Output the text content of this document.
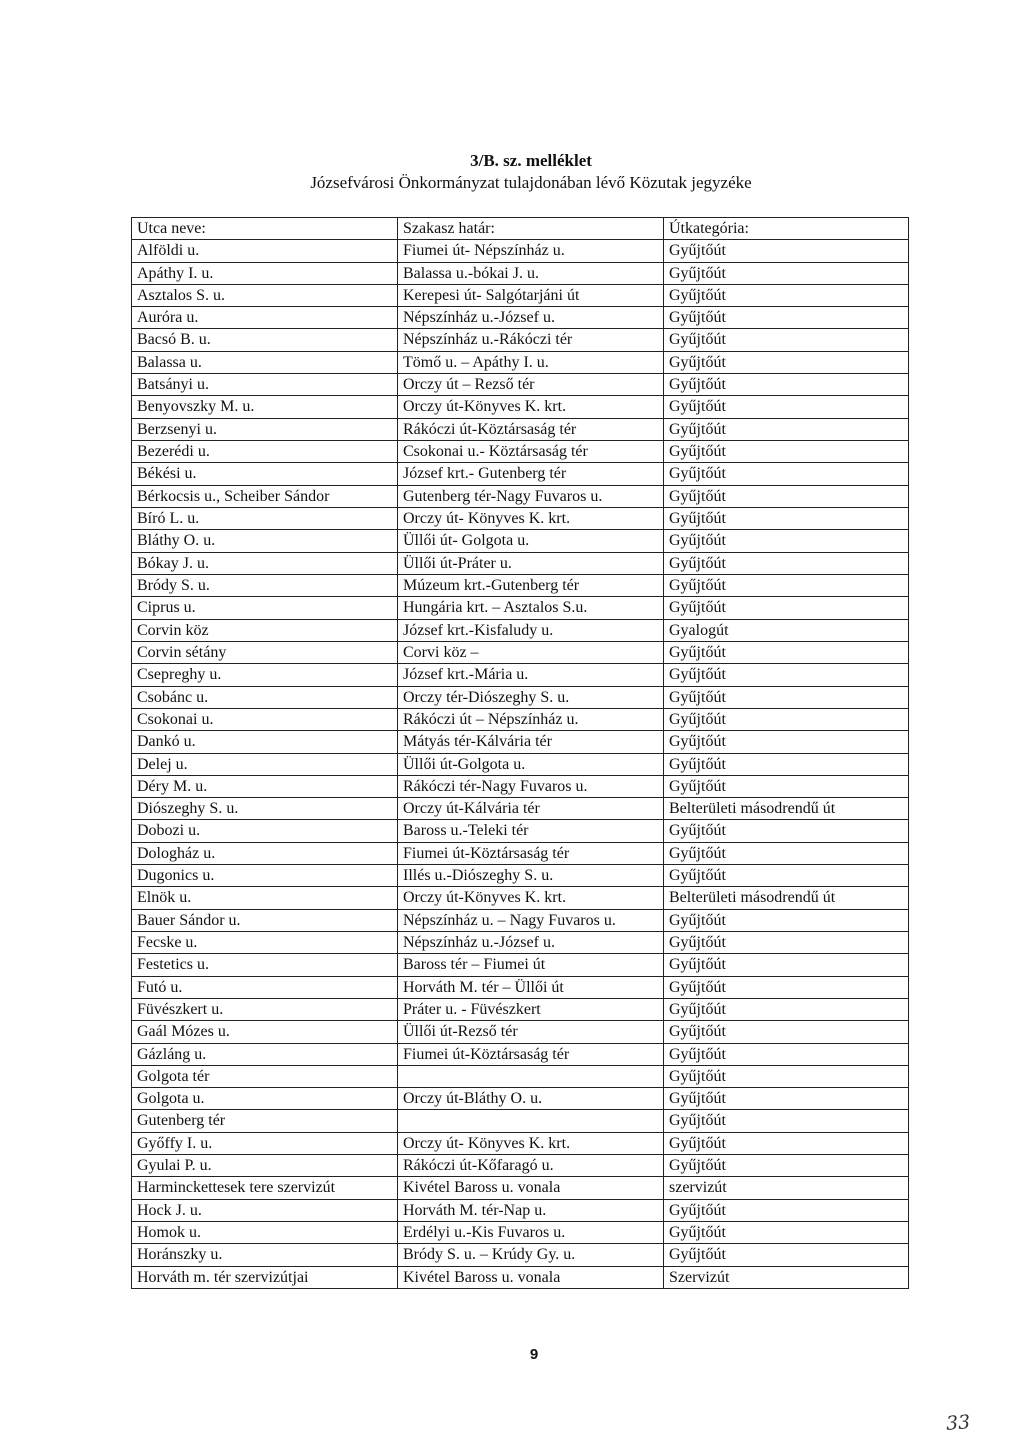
3/B. sz. melléklet
Józsefvárosi Önkormányzat tulajdonában lévő Közutak jegyzéke
Utca neve:	Szakasz határ:	Útkategória:
Alföldi u.	Fiumei út- Népszínház u.	Gyűjtőút
Apáthy I. u.	Balassa u.-bókai J. u.	Gyűjtőút
Asztalos S. u.	Kerepesi út- Salgótarjáni út	Gyűjtőút
Auróra u.	Népszínház u.-József u.	Gyűjtőút
Bacsó B. u.	Népszínház u.-Rákóczi tér	Gyűjtőút
Balassa u.	Tömő u. – Apáthy I. u.	Gyűjtőút
Batsányi u.	Orczy út – Rezső tér	Gyűjtőút
Benyovszky M. u.	Orczy út-Könyves K. krt.	Gyűjtőút
Berzsenyi u.	Rákóczi út-Köztársaság tér	Gyűjtőút
Bezerédi u.	Csokonai u.- Köztársaság tér	Gyűjtőút
Békési u.	József krt.- Gutenberg tér	Gyűjtőút
Bérkocsis u., Scheiber Sándor	Gutenberg tér-Nagy Fuvaros u.	Gyűjtőút
Bíró L. u.	Orczy út- Könyves K. krt.	Gyűjtőút
Bláthy O. u.	Üllői út- Golgota u.	Gyűjtőút
Bókay J. u.	Üllői út-Práter u.	Gyűjtőút
Bródy S. u.	Múzeum krt.-Gutenberg tér	Gyűjtőút
Ciprus u.	Hungária krt. – Asztalos S.u.	Gyűjtőút
Corvin köz	József krt.-Kisfaludy u.	Gyalogút
Corvin sétány	Corvi köz –	Gyűjtőút
Csepreghy u.	József krt.-Mária u.	Gyűjtőút
Csobánc u.	Orczy tér-Diószeghy S. u.	Gyűjtőút
Csokonai u.	Rákóczi út – Népszínház u.	Gyűjtőút
Dankó u.	Mátyás tér-Kálvária tér	Gyűjtőút
Delej u.	Üllői út-Golgota u.	Gyűjtőút
Déry M. u.	Rákóczi tér-Nagy Fuvaros u.	Gyűjtőút
Diószeghy S. u.	Orczy út-Kálvária tér	Belterületi másodrendű út
Dobozi u.	Baross u.-Teleki tér	Gyűjtőút
Dologház u.	Fiumei út-Köztársaság tér	Gyűjtőút
Dugonics u.	Illés u.-Diószeghy S. u.	Gyűjtőút
Elnök u.	Orczy út-Könyves K. krt.	Belterületi másodrendű út
Bauer Sándor u.	Népszínház u. – Nagy Fuvaros u.	Gyűjtőút
Fecske u.	Népszínház u.-József u.	Gyűjtőút
Festetics u.	Baross tér – Fiumei út	Gyűjtőút
Futó u.	Horváth M. tér – Üllői út	Gyűjtőút
Füvészkert u.	Práter u. - Füvészkert	Gyűjtőút
Gaál Mózes u.	Üllői út-Rezső tér	Gyűjtőút
Gázláng u.	Fiumei út-Köztársaság tér	Gyűjtőút
Golgota tér		Gyűjtőút
Golgota u.	Orczy út-Bláthy O. u.	Gyűjtőút
Gutenberg tér		Gyűjtőút
Győffy I. u.	Orczy út- Könyves K. krt.	Gyűjtőút
Gyulai P. u.	Rákóczi út-Kőfaragó u.	Gyűjtőút
Harminckettesek tere szervizút	Kivétel Baross u. vonala	szervizút
Hock J. u.	Horváth M. tér-Nap u.	Gyűjtőút
Homok u.	Erdélyi u.-Kis Fuvaros u.	Gyűjtőút
Horánszky u.	Bródy S. u. – Krúdy Gy. u.	Gyűjtőút
Horváth m. tér szervizútjai	Kivétel Baross u. vonala	Szervizút
9
33
